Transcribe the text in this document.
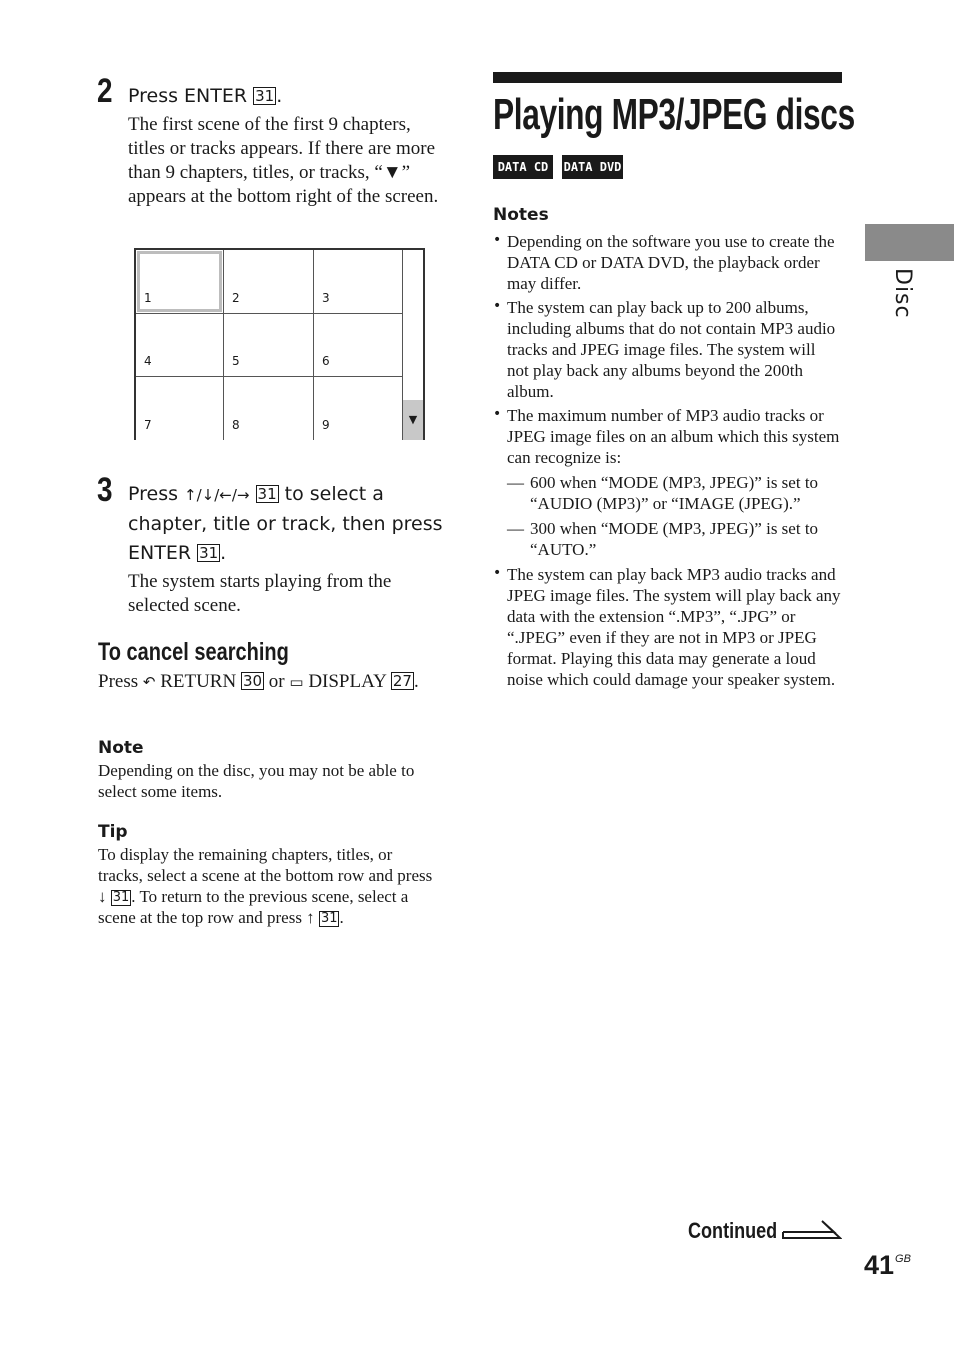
2 Press ENTER 31 .
The first scene of the first 9 chapters, titles or tracks appears. If there are more than 9 chapters, titles, or tracks, “▼” appears at the bottom right of the screen.
1	2	3
4	5	6
7	8	9	▼
3 Press ↑/↓/←/→ 31 to select a chapter, title or track, then press ENTER 31 .
The system starts playing from the selected scene.
To cancel searching
Press ↶ RETURN 30 or ▭ DISPLAY 27 .
Note
Depending on the disc, you may not be able to select some items.
Tip
To display the remaining chapters, titles, or tracks, select a scene at the bottom row and press ↓ 31 . To return to the previous scene, select a scene at the top row and press ↑ 31 .
Playing MP3/JPEG discs
DATA CD	DATA DVD
Notes
• Depending on the software you use to create the DATA CD or DATA DVD, the playback order may differ.
• The system can play back up to 200 albums, including albums that do not contain MP3 audio tracks and JPEG image files. The system will not play back any albums beyond the 200th album.
• The maximum number of MP3 audio tracks or JPEG image files on an album which this system can recognize is:
— 600 when “MODE (MP3, JPEG)” is set to “AUDIO (MP3)” or “IMAGE (JPEG).”
— 300 when “MODE (MP3, JPEG)” is set to “AUTO.”
• The system can play back MP3 audio tracks and JPEG image files. The system will play back any data with the extension “.MP3”, “.JPG” or “.JPEG” even if they are not in MP3 or JPEG format. Playing this data may generate a loud noise which could damage your speaker system.
Disc
Continued
$41^{GB}$
